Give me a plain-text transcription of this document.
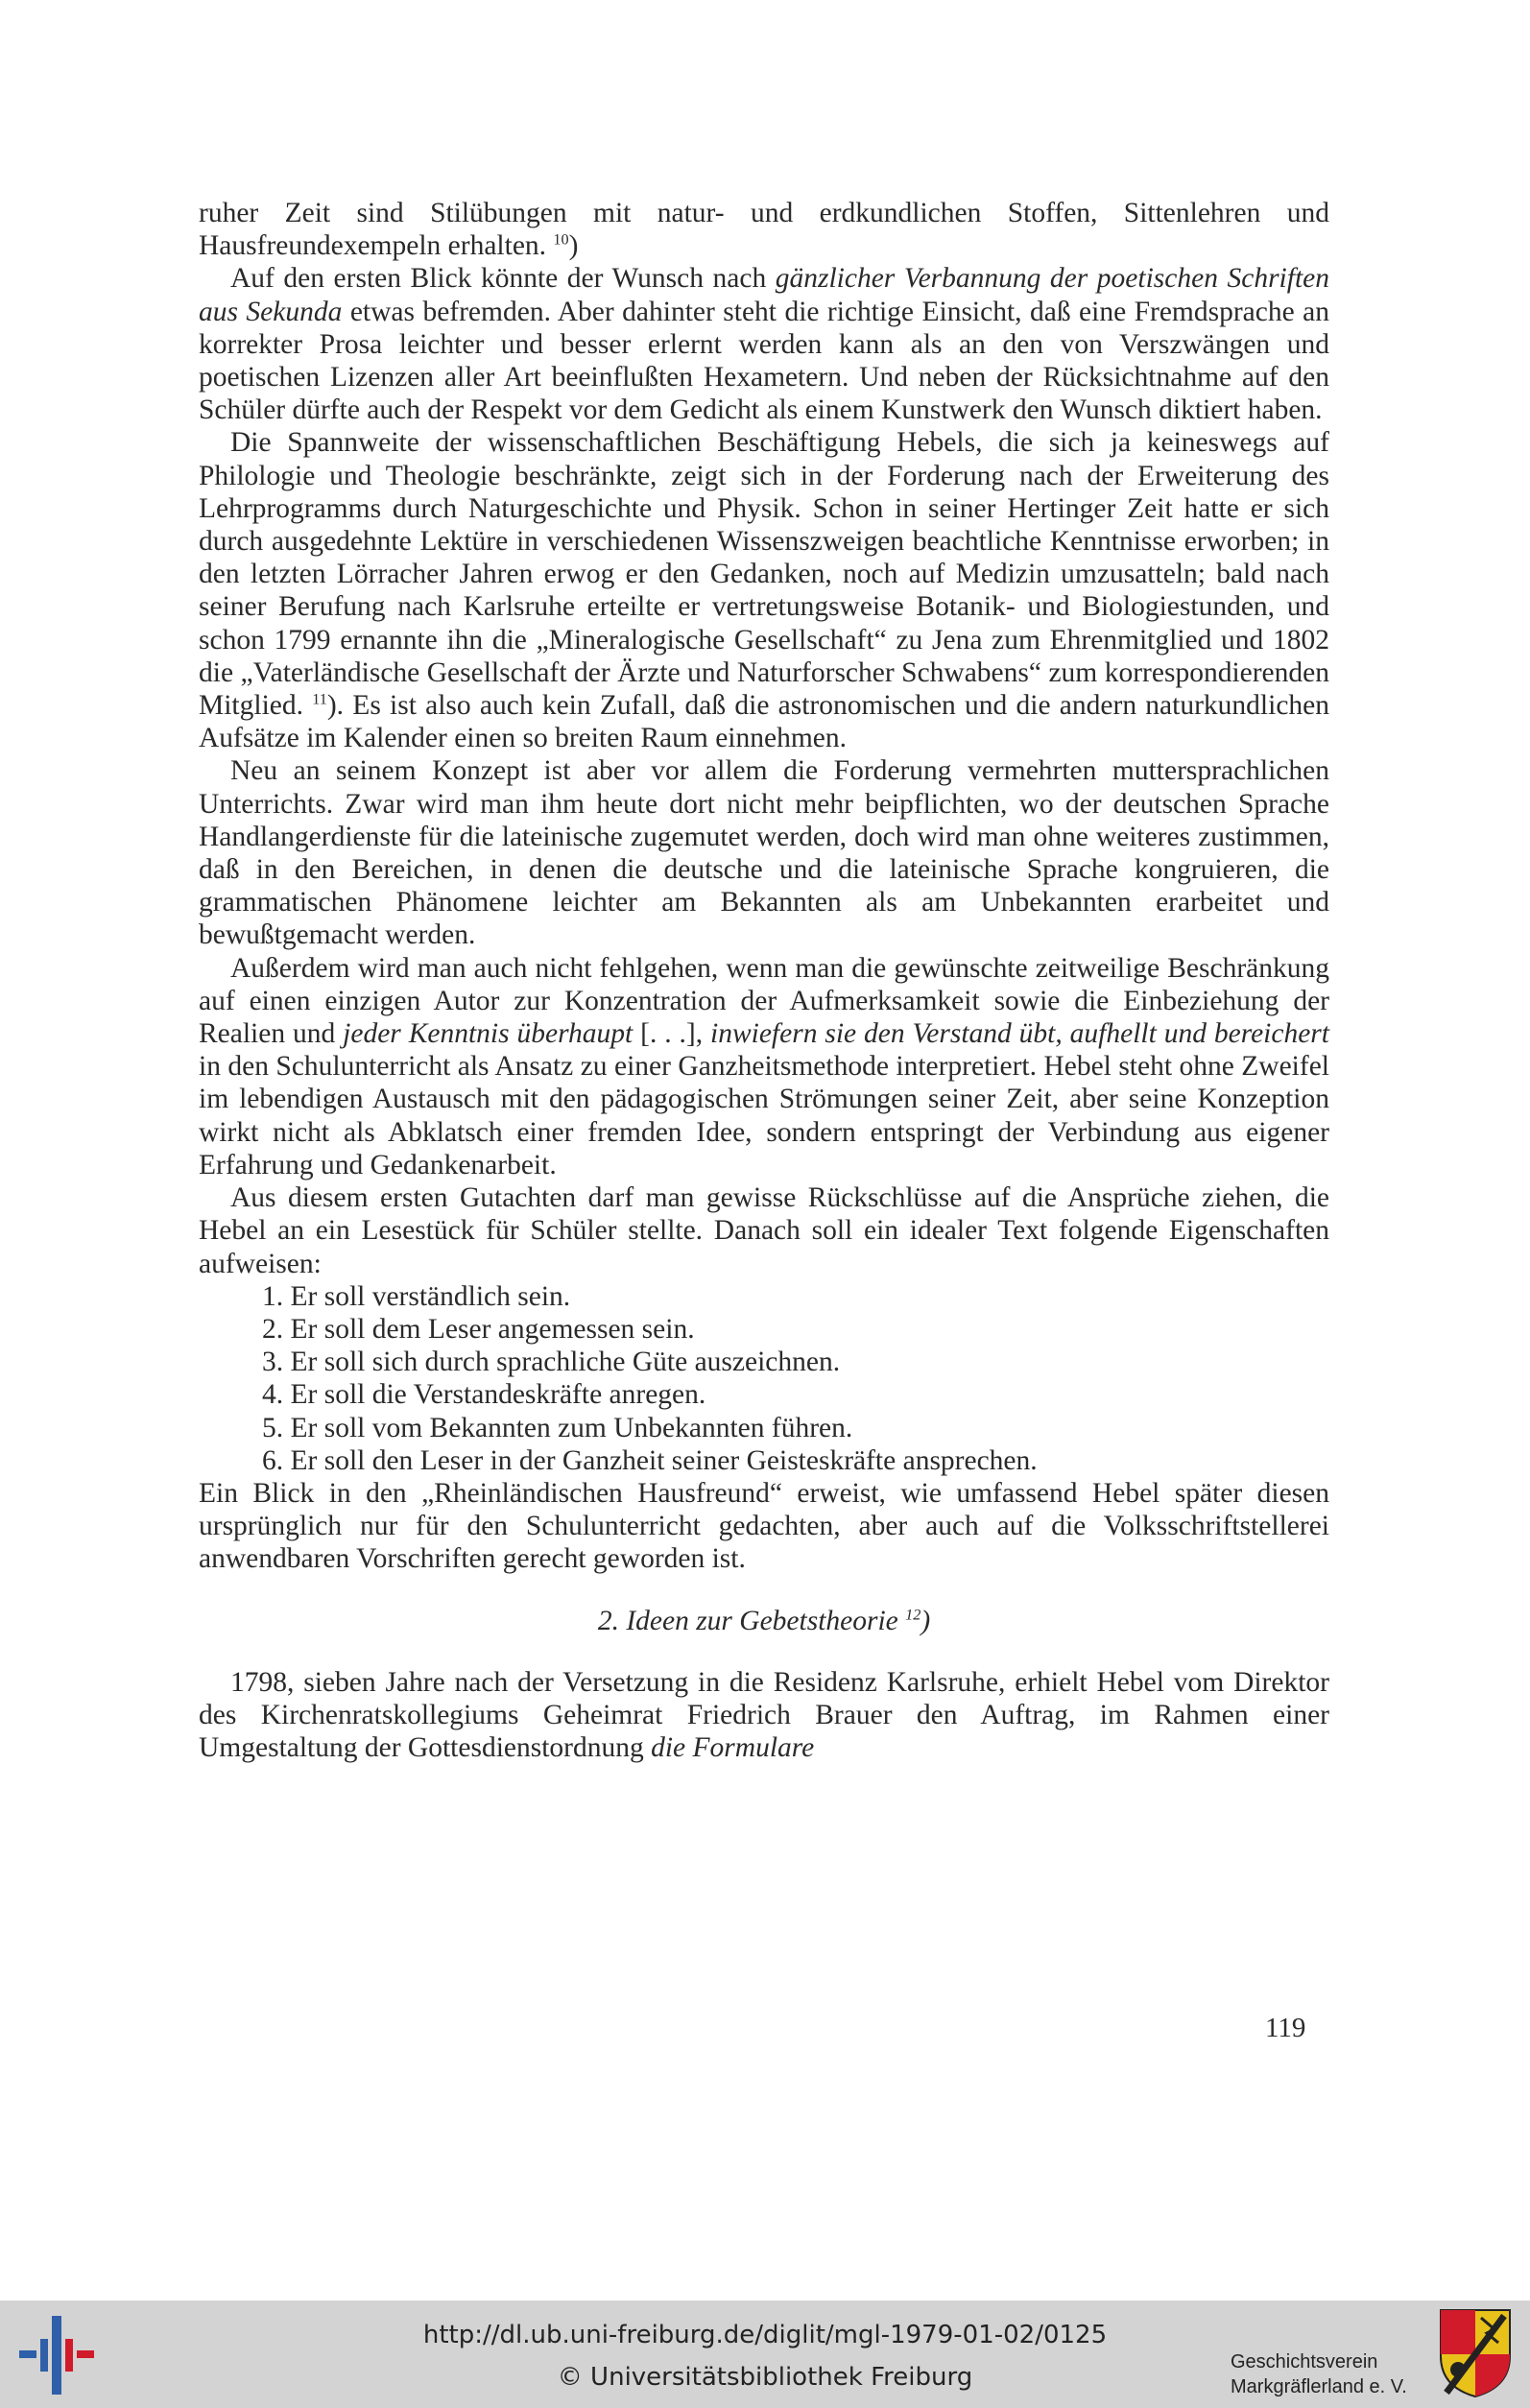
ruher Zeit sind Stilübungen mit natur- und erdkundlichen Stoffen, Sittenlehren und Hausfreundexempeln erhalten. $^{10}$)

Auf den ersten Blick könnte der Wunsch nach gänzlicher Verbannung der poetischen Schriften aus Sekunda etwas befremden. Aber dahinter steht die richtige Einsicht, daß eine Fremdsprache an korrekter Prosa leichter und besser erlernt werden kann als an den von Verszwängen und poetischen Lizenzen aller Art beeinflußten Hexametern. Und neben der Rücksichtnahme auf den Schüler dürfte auch der Respekt vor dem Gedicht als einem Kunstwerk den Wunsch diktiert haben.

Die Spannweite der wissenschaftlichen Beschäftigung Hebels, die sich ja keineswegs auf Philologie und Theologie beschränkte, zeigt sich in der Forderung nach der Erweiterung des Lehrprogramms durch Naturgeschichte und Physik. Schon in seiner Hertinger Zeit hatte er sich durch ausgedehnte Lektüre in verschiedenen Wissenszweigen beachtliche Kenntnisse erworben; in den letzten Lörracher Jahren erwog er den Gedanken, noch auf Medizin umzusatteln; bald nach seiner Berufung nach Karlsruhe erteilte er vertretungsweise Botanik- und Biologiestunden, und schon 1799 ernannte ihn die „Mineralogische Gesellschaft“ zu Jena zum Ehrenmitglied und 1802 die „Vaterländische Gesellschaft der Ärzte und Naturforscher Schwabens“ zum korrespondierenden Mitglied. $^{11}$). Es ist also auch kein Zufall, daß die astronomischen und die andern naturkundlichen Aufsätze im Kalender einen so breiten Raum einnehmen.

Neu an seinem Konzept ist aber vor allem die Forderung vermehrten muttersprachlichen Unterrichts. Zwar wird man ihm heute dort nicht mehr beipflichten, wo der deutschen Sprache Handlangerdienste für die lateinische zugemutet werden, doch wird man ohne weiteres zustimmen, daß in den Bereichen, in denen die deutsche und die lateinische Sprache kongruieren, die grammatischen Phänomene leichter am Bekannten als am Unbekannten erarbeitet und bewußtgemacht werden.

Außerdem wird man auch nicht fehlgehen, wenn man die gewünschte zeitweilige Beschränkung auf einen einzigen Autor zur Konzentration der Aufmerksamkeit sowie die Einbeziehung der Realien und jeder Kenntnis überhaupt [. . .], inwiefern sie den Verstand übt, aufhellt und bereichert in den Schulunterricht als Ansatz zu einer Ganzheitsmethode interpretiert. Hebel steht ohne Zweifel im lebendigen Austausch mit den pädagogischen Strömungen seiner Zeit, aber seine Konzeption wirkt nicht als Abklatsch einer fremden Idee, sondern entspringt der Verbindung aus eigener Erfahrung und Gedankenarbeit.

Aus diesem ersten Gutachten darf man gewisse Rückschlüsse auf die Ansprüche ziehen, die Hebel an ein Lesestück für Schüler stellte. Danach soll ein idealer Text folgende Eigenschaften aufweisen:

1. Er soll verständlich sein.
2. Er soll dem Leser angemessen sein.
3. Er soll sich durch sprachliche Güte auszeichnen.
4. Er soll die Verstandeskräfte anregen.
5. Er soll vom Bekannten zum Unbekannten führen.
6. Er soll den Leser in der Ganzheit seiner Geisteskräfte ansprechen.

Ein Blick in den „Rheinländischen Hausfreund“ erweist, wie umfassend Hebel später diesen ursprünglich nur für den Schulunterricht gedachten, aber auch auf die Volksschriftstellerei anwendbaren Vorschriften gerecht geworden ist.

2. Ideen zur Gebetstheorie $^{12}$)

1798, sieben Jahre nach der Versetzung in die Residenz Karlsruhe, erhielt Hebel vom Direktor des Kirchenratskollegiums Geheimrat Friedrich Brauer den Auftrag, im Rahmen einer Umgestaltung der Gottesdienstordnung die Formulare

119
http://dl.ub.uni-freiburg.de/diglit/mgl-1979-01-02/0125
© Universitätsbibliothek Freiburg
Geschichtsverein
Markgräflerland e. V.
